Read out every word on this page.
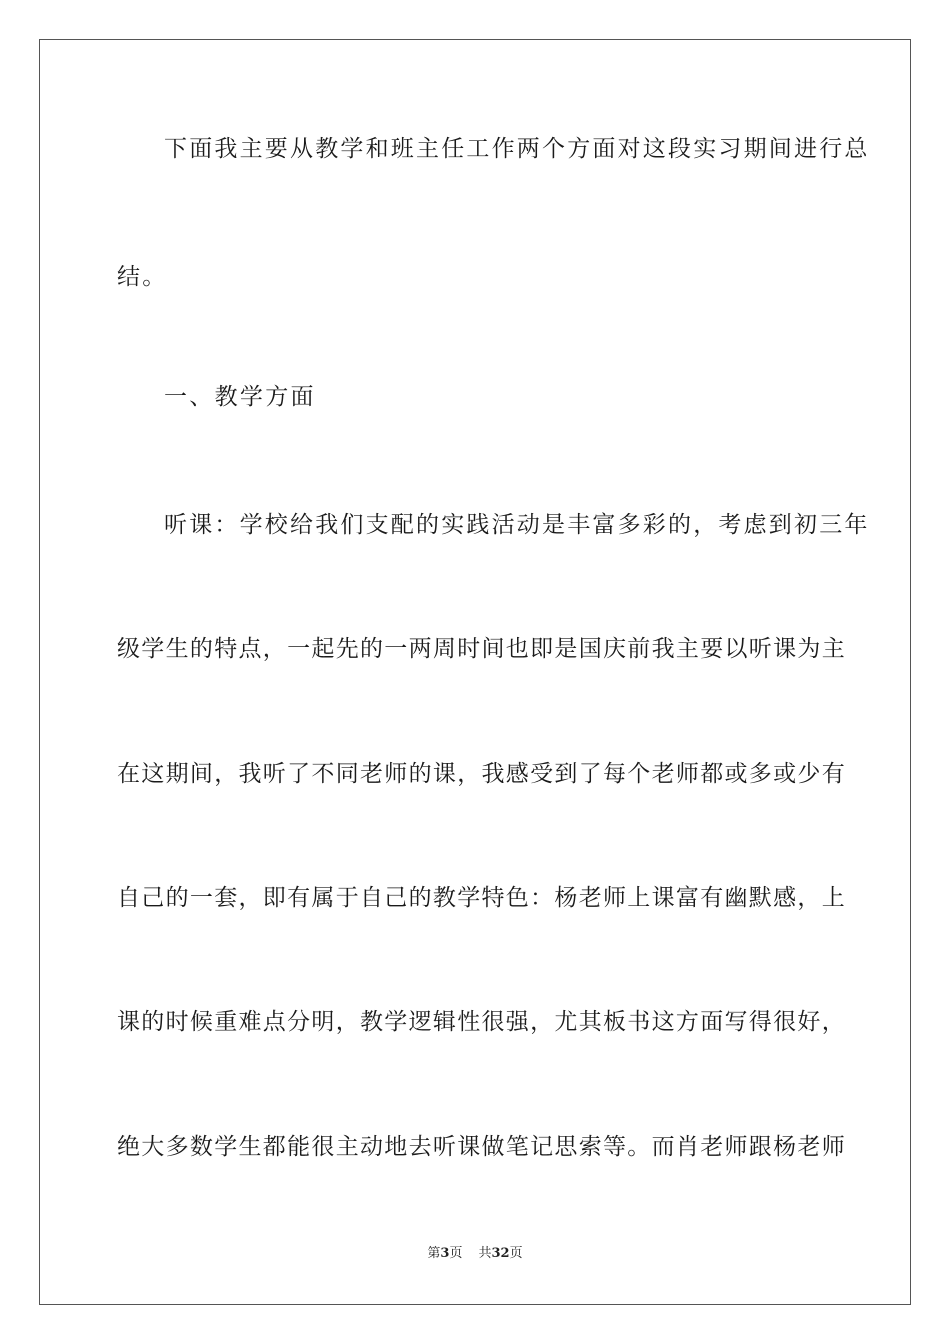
下面我主要从教学和班主任工作两个方面对这段实习期间进行总
结。
一、教学方面
听课：学校给我们支配的实践活动是丰富多彩的，考虑到初三年
级学生的特点，一起先的一两周时间也即是国庆前我主要以听课为主
在这期间，我听了不同老师的课，我感受到了每个老师都或多或少有
自己的一套，即有属于自己的教学特色：杨老师上课富有幽默感，上
课的时候重难点分明，教学逻辑性很强，尤其板书这方面写得很好，
绝大多数学生都能很主动地去听课做笔记思索等。而肖老师跟杨老师
第3页 共32页
